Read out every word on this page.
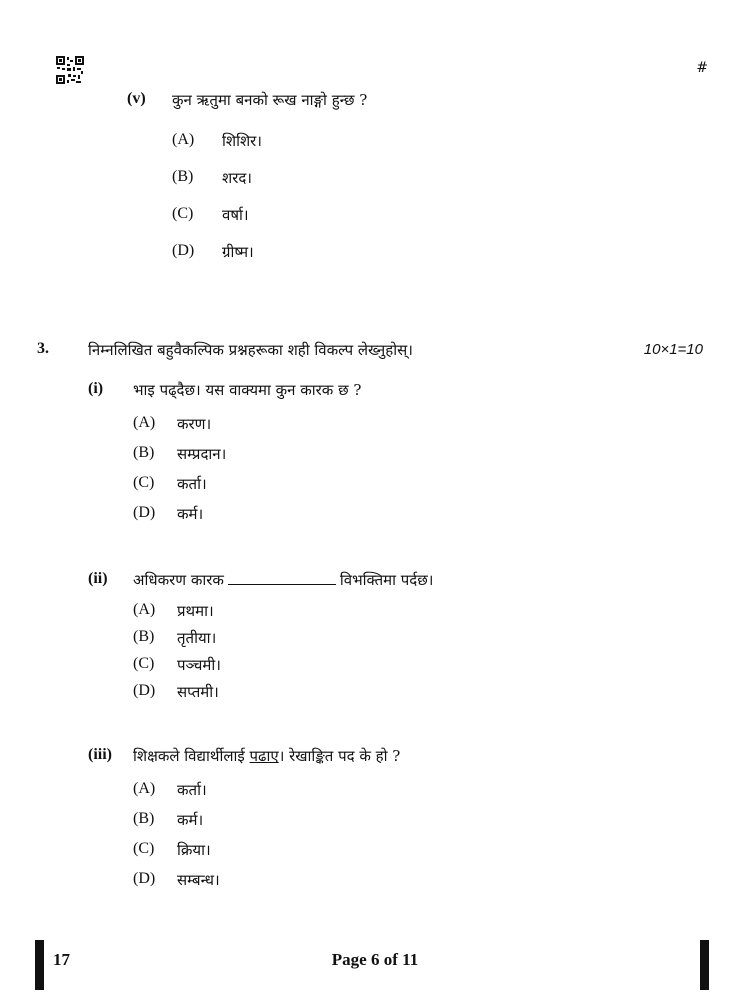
#
(v) कुन ऋतुमा बनको रूख नाङ्गो हुन्छ ?
(A) शिशिर।
(B) शरद।
(C) वर्षा।
(D) ग्रीष्म।
3.	निम्नलिखित बहुवैकल्पिक प्रश्नहरूका शही विकल्प लेख्नुहोस्।	10×1=10
(i) भाइ पढ्दैछ। यस वाक्यमा कुन कारक छ ?
(A) करण।
(B) सम्प्रदान।
(C) कर्ता।
(D) कर्म।
(ii) अधिकरण कारक	विभक्तिमा पर्दछ।
(A) प्रथमा।
(B) तृतीया।
(C) पञ्चमी।
(D) सप्तमी।
(iii) शिक्षकले विद्यार्थीलाई पढाए। रेखाङ्कित पद के हो ?
(A) कर्ता।
(B) कर्म।
(C) क्रिया।
(D) सम्बन्ध।
17	Page 6 of 11
